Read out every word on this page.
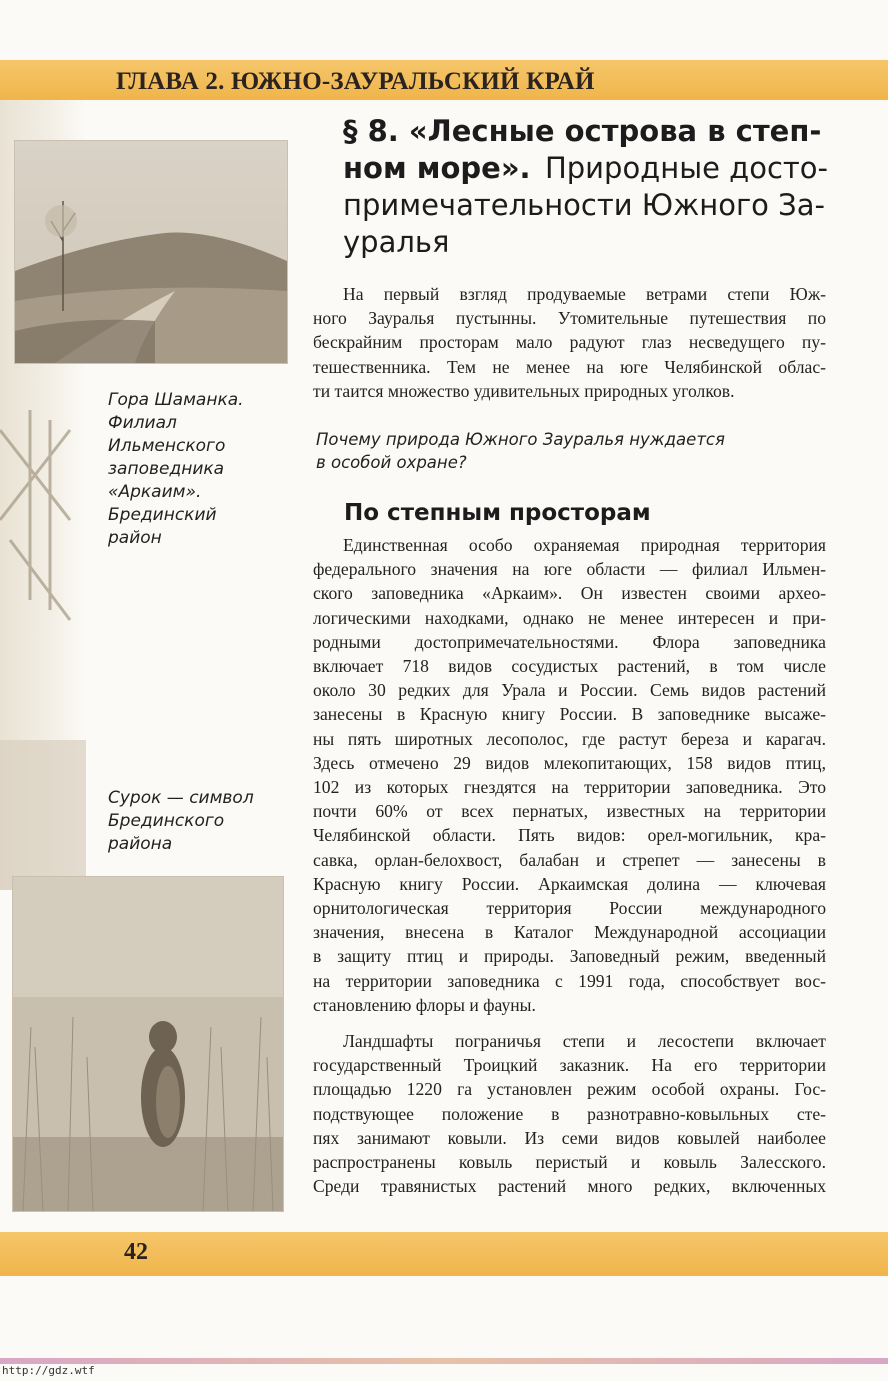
ГЛАВА 2. ЮЖНО-ЗАУРАЛЬСКИЙ КРАЙ
Гора Шаманка.
Филиал
Ильменского
заповедника
«Аркаим».
Брединский
район
Сурок — символ
Брединского
района
§ 8. «Лесные острова в степ-
ном море». Природные досто-
примечательности Южного За-
уралья
На первый взгляд продуваемые ветрами степи Юж-
ного Зауралья пустынны. Утомительные путешествия по
бескрайним просторам мало радуют глаз несведущего пу-
тешественника. Тем не менее на юге Челябинской облас-
ти таится множество удивительных природных уголков.
Почему природа Южного Зауралья нуждается
в особой охране?
По степным просторам
Единственная особо охраняемая природная территория
федерального значения на юге области — филиал Ильмен-
ского заповедника «Аркаим». Он известен своими архео-
логическими находками, однако не менее интересен и при-
родными достопримечательностями. Флора заповедника
включает 718 видов сосудистых растений, в том числе
около 30 редких для Урала и России. Семь видов растений
занесены в Красную книгу России. В заповеднике высаже-
ны пять широтных лесополос, где растут береза и карагач.
Здесь отмечено 29 видов млекопитающих, 158 видов птиц,
102 из которых гнездятся на территории заповедника. Это
почти 60% от всех пернатых, известных на территории
Челябинской области. Пять видов: орел-могильник, кра-
савка, орлан-белохвост, балабан и стрепет — занесены в
Красную книгу России. Аркаимская долина — ключевая
орнитологическая территория России международного
значения, внесена в Каталог Международной ассоциации
в защиту птиц и природы. Заповедный режим, введенный
на территории заповедника с 1991 года, способствует вос-
становлению флоры и фауны.
Ландшафты пограничья степи и лесостепи включает
государственный Троицкий заказник. На его территории
площадью 1220 га установлен режим особой охраны. Гос-
подствующее положение в разнотравно-ковыльных сте-
пях занимают ковыли. Из семи видов ковылей наиболее
распространены ковыль перистый и ковыль Залесского.
Среди травянистых растений много редких, включенных
42
http://gdz.wtf
